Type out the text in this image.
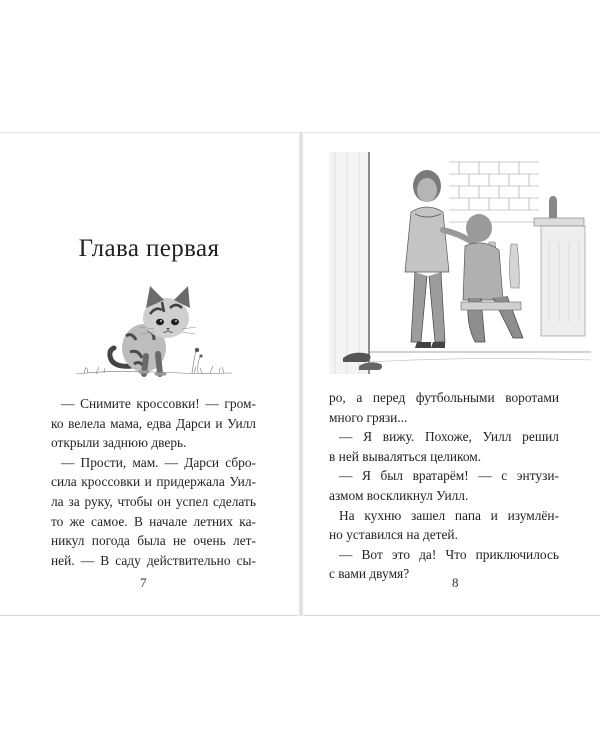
Глава первая
— Снимите кроссовки! — гром-
ко велела мама, едва Дарси и Уилл
открыли заднюю дверь.
— Прости, мам. — Дарси сбро-
сила кроссовки и придержала Уил-
ла за руку, чтобы он успел сделать
то же самое. В начале летних ка-
никул погода была не очень лет-
ней. — В саду действительно сы-
7
ро, а перед футбольными воротами
много грязи...
— Я вижу. Похоже, Уилл решил
в ней вываляться целиком.
— Я был вратарём! — с энтузи-
азмом воскликнул Уилл.
На кухню зашел папа и изумлён-
но уставился на детей.
— Вот это да! Что приключилось
с вами двумя?
8
